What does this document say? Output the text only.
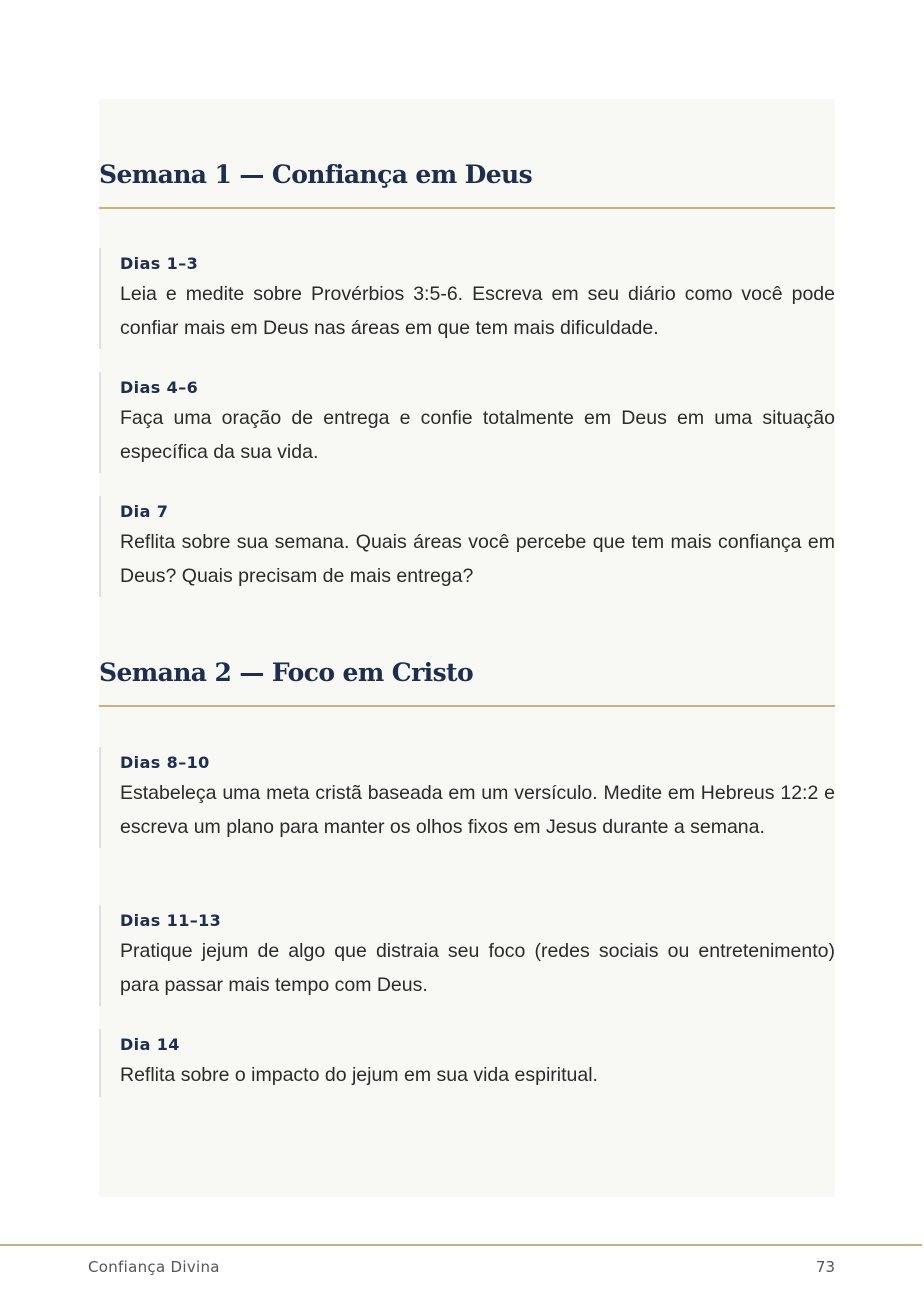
Semana 1 — Confiança em Deus
Dias 1–3

Leia e medite sobre Provérbios 3:5-6. Escreva em seu diário como você pode confiar mais em Deus nas áreas em que tem mais dificuldade.

Dias 4–6

Faça uma oração de entrega e confie totalmente em Deus em uma situação específica da sua vida.

Dia 7

Reflita sobre sua semana. Quais áreas você percebe que tem mais confiança em Deus? Quais precisam de mais entrega?

Semana 2 — Foco em Cristo
Dias 8–10

Estabeleça uma meta cristã baseada em um versículo. Medite em Hebreus 12:2 e escreva um plano para manter os olhos fixos em Jesus durante a semana.

Dias 11–13

Pratique jejum de algo que distraia seu foco (redes sociais ou entretenimento) para passar mais tempo com Deus.

Dia 14

Reflita sobre o impacto do jejum em sua vida espiritual.

Confiança Divina	73
